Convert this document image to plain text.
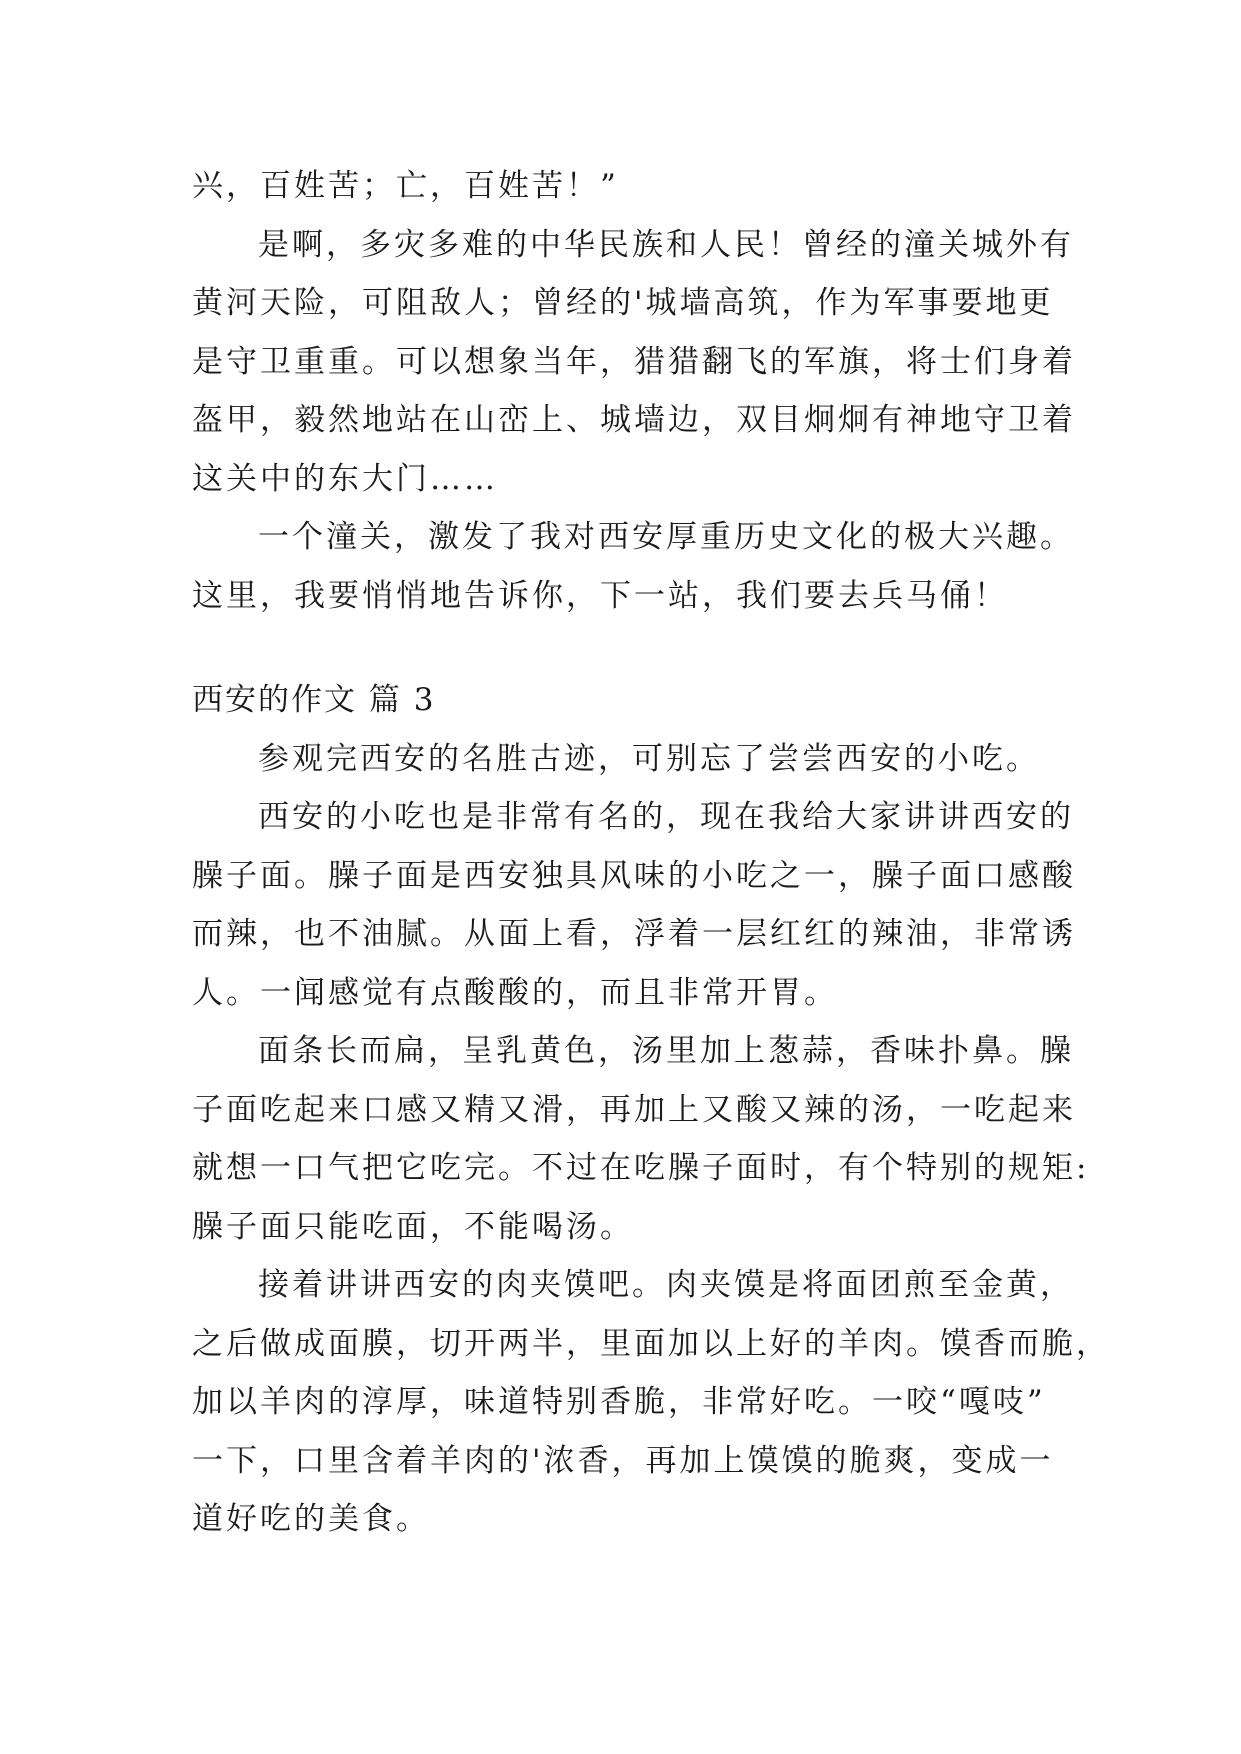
兴，百姓苦；亡，百姓苦！”
是啊，多灾多难的中华民族和人民！曾经的潼关城外有
黄河天险，可阻敌人；曾经的'城墙高筑，作为军事要地更
是守卫重重。可以想象当年，猎猎翻飞的军旗，将士们身着
盔甲，毅然地站在山峦上、城墙边，双目炯炯有神地守卫着
这关中的东大门……
一个潼关，激发了我对西安厚重历史文化的极大兴趣。
这里，我要悄悄地告诉你，下一站，我们要去兵马俑！
西安的作文 篇 3
参观完西安的名胜古迹，可别忘了尝尝西安的小吃。
西安的小吃也是非常有名的，现在我给大家讲讲西安的
臊子面。臊子面是西安独具风味的小吃之一，臊子面口感酸
而辣，也不油腻。从面上看，浮着一层红红的辣油，非常诱
人。一闻感觉有点酸酸的，而且非常开胃。
面条长而扁，呈乳黄色，汤里加上葱蒜，香味扑鼻。臊
子面吃起来口感又精又滑，再加上又酸又辣的汤，一吃起来
就想一口气把它吃完。不过在吃臊子面时，有个特别的规矩:
臊子面只能吃面，不能喝汤。
接着讲讲西安的肉夹馍吧。肉夹馍是将面团煎至金黄，
之后做成面膜，切开两半，里面加以上好的羊肉。馍香而脆，
加以羊肉的淳厚，味道特别香脆，非常好吃。一咬“嘎吱”
一下，口里含着羊肉的'浓香，再加上馍馍的脆爽，变成一
道好吃的美食。
